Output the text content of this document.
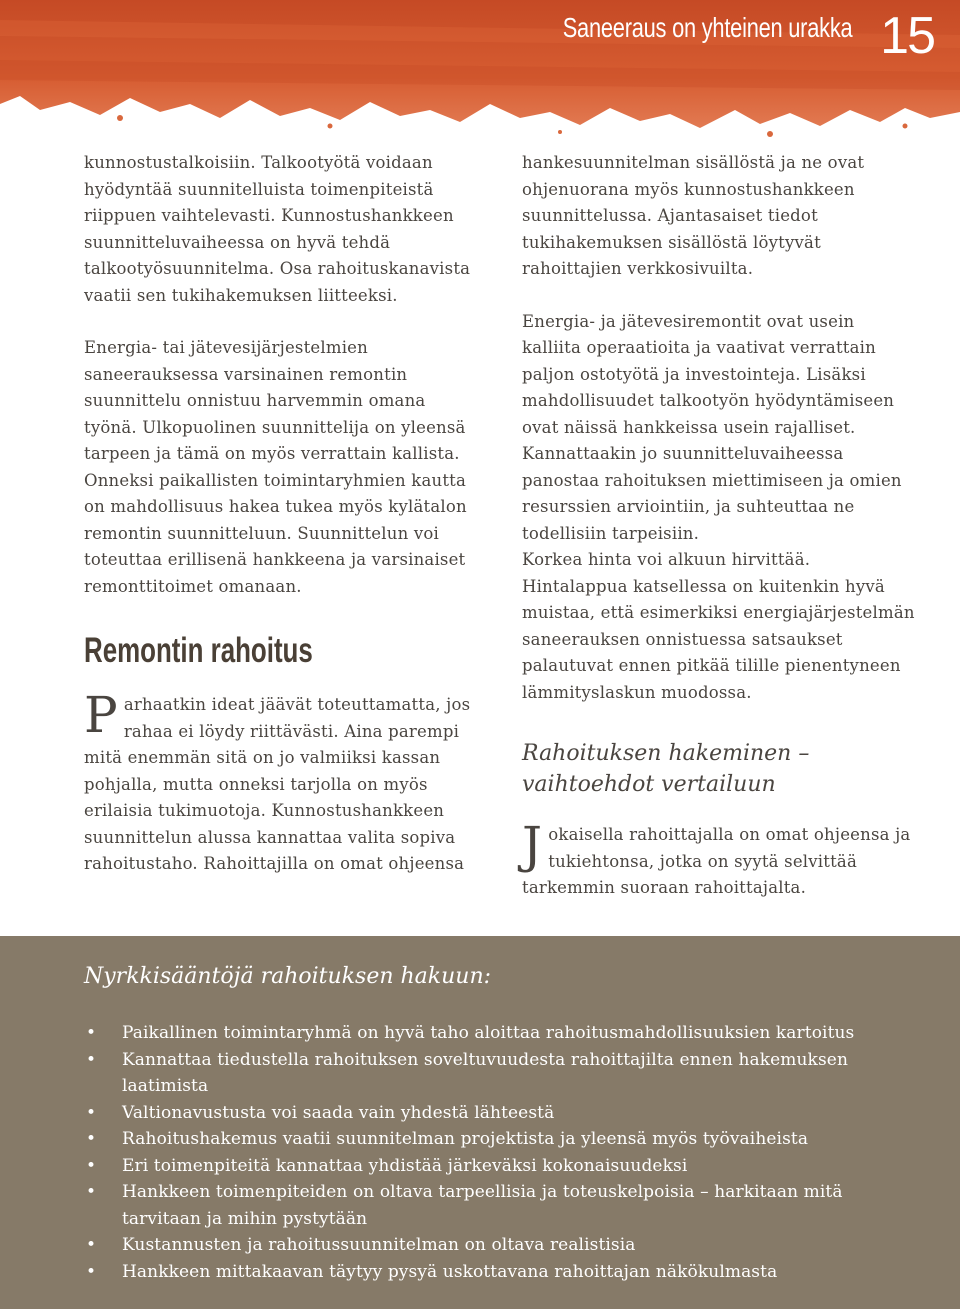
Saneeraus on yhteinen urakka 15

kunnostustalkoisiin. Talkootyötä voidaan hyödyntää suunnitelluista toimenpiteistä riippuen vaihtelevasti. Kunnostushankkeen suunnitteluvaiheessa on hyvä tehdä talkootyösuunnitelma. Osa rahoituskanavista vaatii sen tukihakemuksen liitteeksi.

Energia- tai jätevesijärjestelmien saneerauksessa varsinainen remontin suunnittelu onnistuu harvemmin omana työnä. Ulkopuolinen suunnittelija on yleensä tarpeen ja tämä on myös verrattain kallista. Onneksi paikallisten toimintaryhmien kautta on mahdollisuus hakea tukea myös kylätalon remontin suunnitteluun. Suunnittelun voi toteuttaa erillisenä hankkeena ja varsinaiset remonttitoimet omanaan.

Remontin rahoitus

Parhaatkin ideat jäävät toteuttamatta, jos rahaa ei löydy riittävästi. Aina parempi mitä enemmän sitä on jo valmiiksi kassan pohjalla, mutta onneksi tarjolla on myös erilaisia tukimuotoja. Kunnostushankkeen suunnittelun alussa kannattaa valita sopiva rahoitustaho. Rahoittajilla on omat ohjeensa

hankesuunnitelman sisällöstä ja ne ovat ohjenuorana myös kunnostushankkeen suunnittelussa. Ajantasaiset tiedot tukihakemuksen sisällöstä löytyvät rahoittajien verkkosivuilta.

Energia- ja jätevesiremontit ovat usein kalliita operaatioita ja vaativat verrattain paljon ostotyötä ja investointeja. Lisäksi mahdollisuudet talkootyön hyödyntämiseen ovat näissä hankkeissa usein rajalliset. Kannattaakin jo suunnitteluvaiheessa panostaa rahoituksen miettimiseen ja omien resurssien arviointiin, ja suhteuttaa ne todellisiin tarpeisiin.

Korkea hinta voi alkuun hirvittää. Hintalappua katsellessa on kuitenkin hyvä muistaa, että esimerkiksi energiajärjestelmän saneerauksen onnistuessa satsaukset palautuvat ennen pitkää tilille pienentyneen lämmityslaskun muodossa.

Rahoituksen hakeminen – vaihtoehdot vertailuun

Jokaisella rahoittajalla on omat ohjeensa ja tukiehtonsa, jotka on syytä selvittää tarkemmin suoraan rahoittajalta.

Nyrkkisääntöjä rahoituksen hakuun:
• Paikallinen toimintaryhmä on hyvä taho aloittaa rahoitusmahdollisuuksien kartoitus
• Kannattaa tiedustella rahoituksen soveltuvuudesta rahoittajilta ennen hakemuksen laatimista
• Valtionavustusta voi saada vain yhdestä lähteestä
• Rahoitushakemus vaatii suunnitelman projektista ja yleensä myös työvaiheista
• Eri toimenpiteitä kannattaa yhdistää järkeväksi kokonaisuudeksi
• Hankkeen toimenpiteiden on oltava tarpeellisia ja toteuskelpoisia – harkitaan mitä tarvitaan ja mihin pystytään
• Kustannusten ja rahoitussuunnitelman on oltava realistisia
• Hankkeen mittakaavan täytyy pysyä uskottavana rahoittajan näkökulmasta
